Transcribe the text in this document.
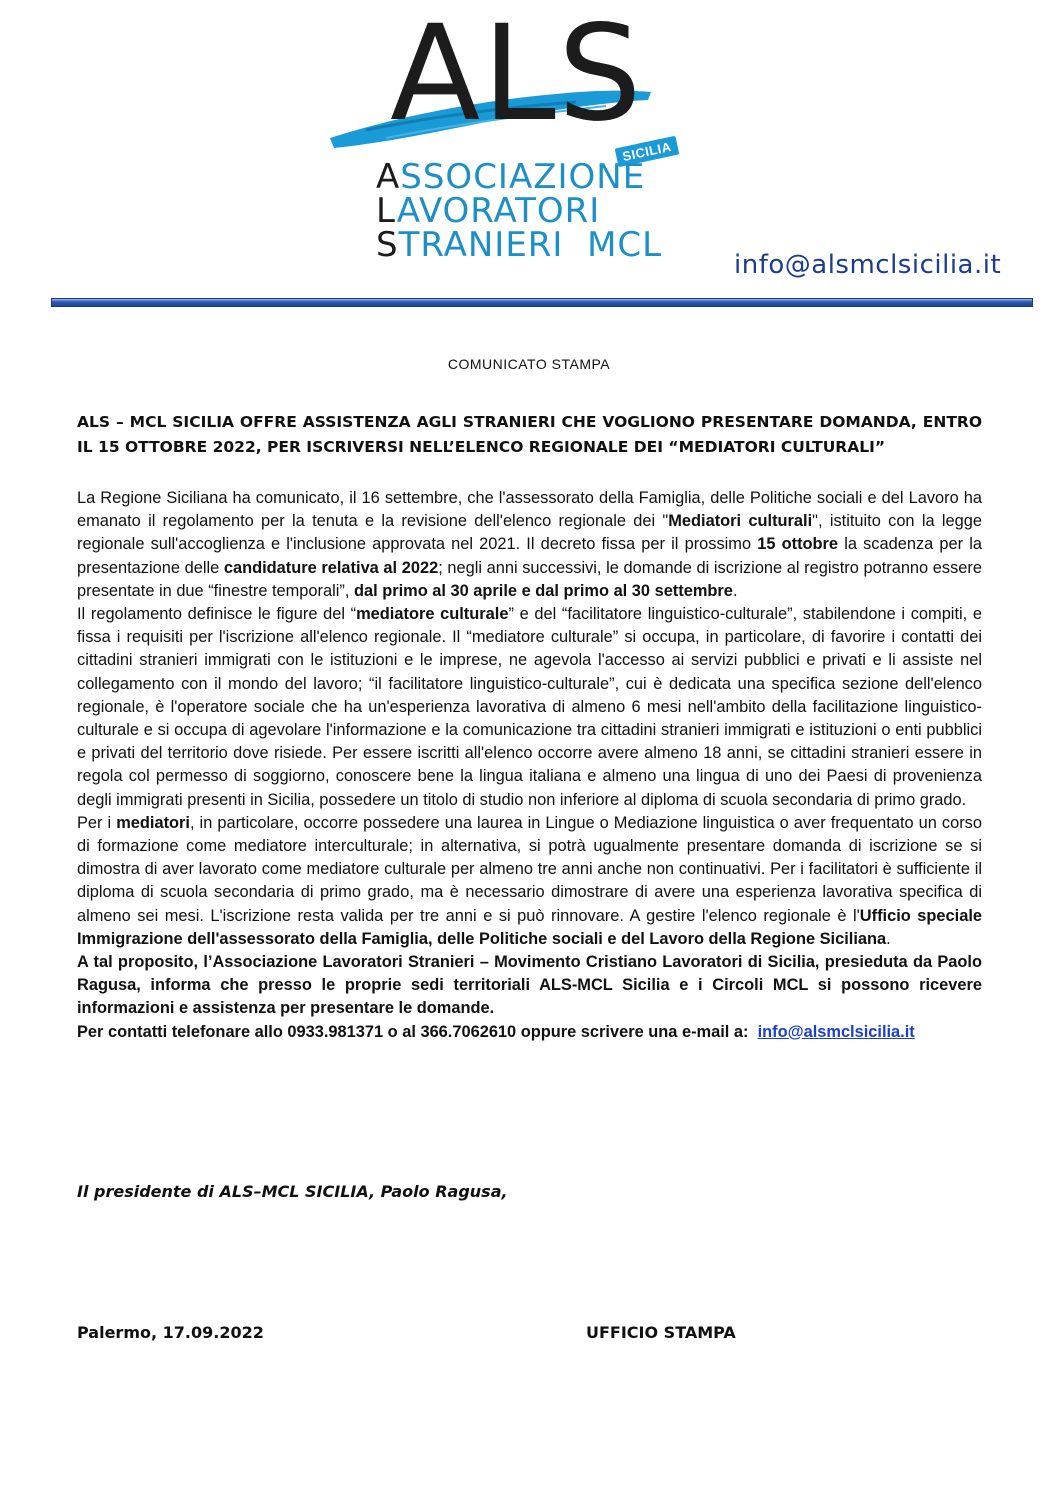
ALS
SICILIA
ASSOCIAZIONE
LAVORATORI
STRANIERI  MCL	info@alsmclsicilia.it
COMUNICATO STAMPA
ALS – MCL SICILIA OFFRE ASSISTENZA AGLI STRANIERI CHE VOGLIONO PRESENTARE DOMANDA, ENTRO IL 15 OTTOBRE 2022, PER ISCRIVERSI NELL’ELENCO REGIONALE DEI “MEDIATORI CULTURALI”

La Regione Siciliana ha comunicato, il 16 settembre, che l'assessorato della Famiglia, delle Politiche sociali e del Lavoro ha emanato il regolamento per la tenuta e la revisione dell'elenco regionale dei "Mediatori culturali", istituito con la legge regionale sull'accoglienza e l'inclusione approvata nel 2021. Il decreto fissa per il prossimo 15 ottobre la scadenza per la presentazione delle candidature relativa al 2022; negli anni successivi, le domande di iscrizione al registro potranno essere presentate in due “finestre temporali”, dal primo al 30 aprile e dal primo al 30 settembre.

Il regolamento definisce le figure del “mediatore culturale” e del “facilitatore linguistico-culturale”, stabilendone i compiti, e fissa i requisiti per l'iscrizione all'elenco regionale. Il “mediatore culturale” si occupa, in particolare, di favorire i contatti dei cittadini stranieri immigrati con le istituzioni e le imprese, ne agevola l'accesso ai servizi pubblici e privati e li assiste nel collegamento con il mondo del lavoro; “il facilitatore linguistico-culturale”, cui è dedicata una specifica sezione dell'elenco regionale, è l'operatore sociale che ha un'esperienza lavorativa di almeno 6 mesi nell'ambito della facilitazione linguistico-culturale e si occupa di agevolare l'informazione e la comunicazione tra cittadini stranieri immigrati e istituzioni o enti pubblici e privati del territorio dove risiede. Per essere iscritti all'elenco occorre avere almeno 18 anni, se cittadini stranieri essere in regola col permesso di soggiorno, conoscere bene la lingua italiana e almeno una lingua di uno dei Paesi di provenienza degli immigrati presenti in Sicilia, possedere un titolo di studio non inferiore al diploma di scuola secondaria di primo grado.

Per i mediatori, in particolare, occorre possedere una laurea in Lingue o Mediazione linguistica o aver frequentato un corso di formazione come mediatore interculturale; in alternativa, si potrà ugualmente presentare domanda di iscrizione se si dimostra di aver lavorato come mediatore culturale per almeno tre anni anche non continuativi. Per i facilitatori è sufficiente il diploma di scuola secondaria di primo grado, ma è necessario dimostrare di avere una esperienza lavorativa specifica di almeno sei mesi. L'iscrizione resta valida per tre anni e si può rinnovare. A gestire l'elenco regionale è l'Ufficio speciale Immigrazione dell'assessorato della Famiglia, delle Politiche sociali e del Lavoro della Regione Siciliana.

A tal proposito, l’Associazione Lavoratori Stranieri – Movimento Cristiano Lavoratori di Sicilia, presieduta da Paolo Ragusa, informa che presso le proprie sedi territoriali ALS-MCL Sicilia e i Circoli MCL si possono ricevere informazioni e assistenza per presentare le domande.

Per contatti telefonare allo 0933.981371 o al 366.7062610 oppure scrivere una e-mail a:  info@alsmclsicilia.it

Il presidente di ALS–MCL SICILIA, Paolo Ragusa,
Palermo, 17.09.2022	UFFICIO STAMPA
